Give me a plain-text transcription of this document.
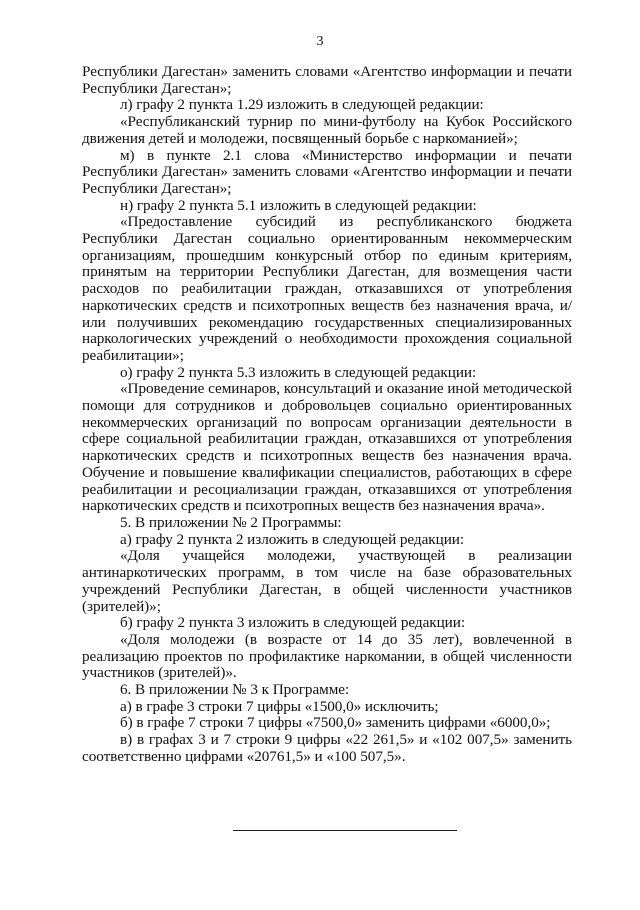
3

Республики Дагестан» заменить словами «Агентство информации и печати Республики Дагестан»;

л) графу 2 пункта 1.29 изложить в следующей редакции:

«Республиканский турнир по мини-футболу на Кубок Российского движения детей и молодежи, посвященный борьбе с наркоманией»;

м) в пункте 2.1 слова «Министерство информации и печати Республики Дагестан» заменить словами «Агентство информации и печати Республики Дагестан»;

н) графу 2 пункта 5.1 изложить в следующей редакции:

«Предоставление субсидий из республиканского бюджета Республики Дагестан социально ориентированным некоммерческим организациям, прошедшим конкурсный отбор по единым критериям, принятым на территории Республики Дагестан, для возмещения части расходов по реабилитации граждан, отказавшихся от употребления наркотических средств и психотропных веществ без назначения врача, и/или получивших рекомендацию государственных специализированных наркологических учреждений о необходимости прохождения социальной реабилитации»;

о) графу 2 пункта 5.3 изложить в следующей редакции:

«Проведение семинаров, консультаций и оказание иной методической помощи для сотрудников и добровольцев социально ориентированных некоммерческих организаций по вопросам организации деятельности в сфере социальной реабилитации граждан, отказавшихся от употребления наркотических средств и психотропных веществ без назначения врача. Обучение и повышение квалификации специалистов, работающих в сфере реабилитации и ресоциализации граждан, отказавшихся от употребления наркотических средств и психотропных веществ без назначения врача».

5. В приложении № 2 Программы:

а) графу 2 пункта 2 изложить в следующей редакции:

«Доля учащейся молодежи, участвующей в реализации антинаркотических программ, в том числе на базе образовательных учреждений Республики Дагестан, в общей численности участников (зрителей)»;

б) графу 2 пункта 3 изложить в следующей редакции:

«Доля молодежи (в возрасте от 14 до 35 лет), вовлеченной в реализацию проектов по профилактике наркомании, в общей численности участников (зрителей)».

6. В приложении № 3 к Программе:

а) в графе 3 строки 7 цифры «1500,0» исключить;

б) в графе 7 строки 7 цифры «7500,0» заменить цифрами «6000,0»;

в) в графах 3 и 7 строки 9 цифры «22 261,5» и «102 007,5» заменить соответственно цифрами «20761,5» и «100 507,5».
